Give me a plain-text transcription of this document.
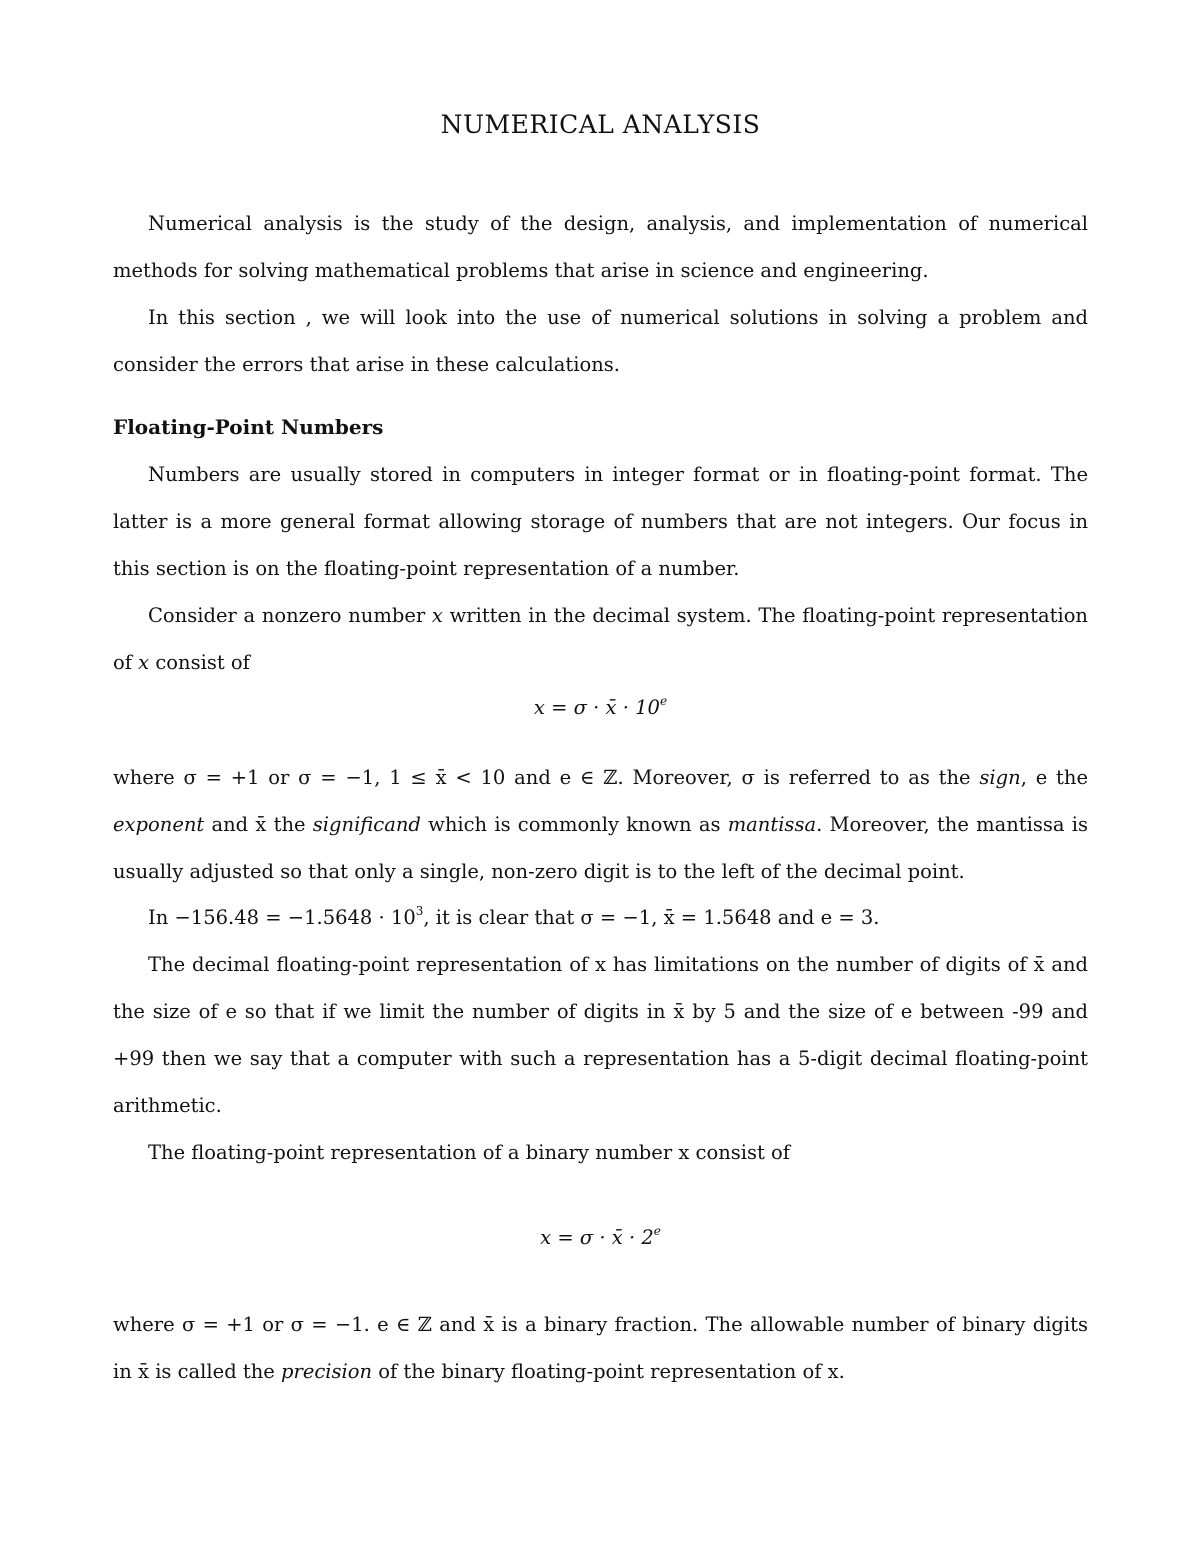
NUMERICAL ANALYSIS
Numerical analysis is the study of the design, analysis, and implementation of numerical methods for solving mathematical problems that arise in science and engineering.
In this section , we will look into the use of numerical solutions in solving a problem and consider the errors that arise in these calculations.
Floating-Point Numbers
Numbers are usually stored in computers in integer format or in floating-point format. The latter is a more general format allowing storage of numbers that are not integers. Our focus in this section is on the floating-point representation of a number.
Consider a nonzero number x written in the decimal system. The floating-point representation of x consist of
x = σ · x̄ · $10^e$
where σ = +1 or σ = −1, 1 ≤ x̄ < 10 and e ∈ ℤ. Moreover, σ is referred to as the sign, e the exponent and x̄ the significand which is commonly known as mantissa. Moreover, the mantissa is usually adjusted so that only a single, non-zero digit is to the left of the decimal point.
$In -156.48 = -1.5648 \cdot 10^3$, it is clear that σ = −1, x̄ = 1.5648 and e = 3.
The decimal floating-point representation of x has limitations on the number of digits of x̄ and the size of e so that if we limit the number of digits in x̄ by 5 and the size of e between -99 and +99 then we say that a computer with such a representation has a 5-digit decimal floating-point arithmetic.
The floating-point representation of a binary number x consist of
x = σ · x̄ · $2^e$
where σ = +1 or σ = −1. e ∈ ℤ and x̄ is a binary fraction. The allowable number of binary digits in x̄ is called the precision of the binary floating-point representation of x.
